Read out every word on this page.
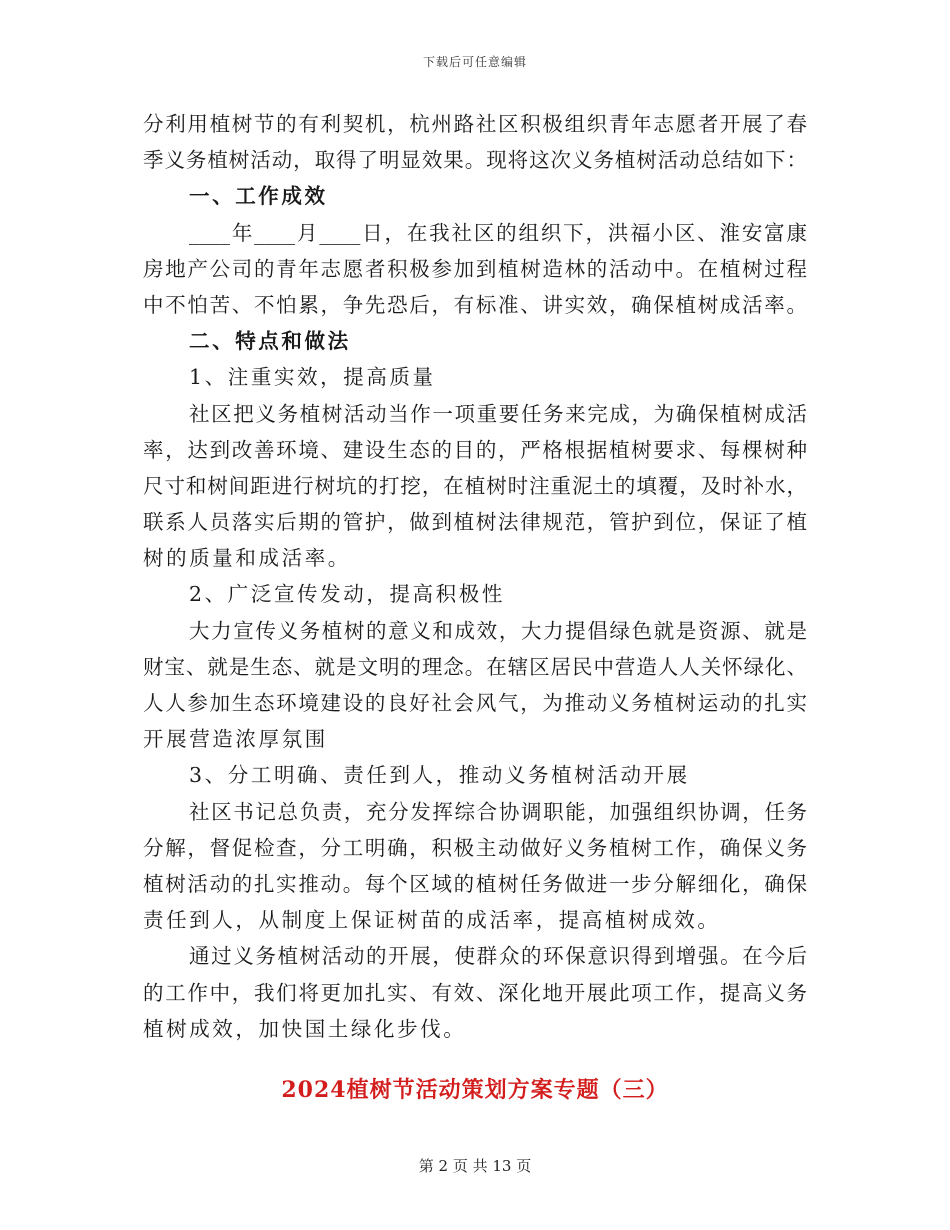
下载后可任意编辑
分利用植树节的有利契机，杭州路社区积极组织青年志愿者开展了春
季义务植树活动，取得了明显效果。现将这次义务植树活动总结如下：
一、工作成效
____年____月____日，在我社区的组织下，洪福小区、淮安富康
房地产公司的青年志愿者积极参加到植树造林的活动中。在植树过程
中不怕苦、不怕累，争先恐后，有标准、讲实效，确保植树成活率。
二、特点和做法
1、注重实效，提高质量
社区把义务植树活动当作一项重要任务来完成，为确保植树成活
率，达到改善环境、建设生态的目的，严格根据植树要求、每棵树种
尺寸和树间距进行树坑的打挖，在植树时注重泥土的填覆，及时补水，
联系人员落实后期的管护，做到植树法律规范，管护到位，保证了植
树的质量和成活率。
2、广泛宣传发动，提高积极性
大力宣传义务植树的意义和成效，大力提倡绿色就是资源、就是
财宝、就是生态、就是文明的理念。在辖区居民中营造人人关怀绿化、
人人参加生态环境建设的良好社会风气，为推动义务植树运动的扎实
开展营造浓厚氛围
3、分工明确、责任到人，推动义务植树活动开展
社区书记总负责，充分发挥综合协调职能，加强组织协调，任务
分解，督促检查，分工明确，积极主动做好义务植树工作，确保义务
植树活动的扎实推动。每个区域的植树任务做进一步分解细化，确保
责任到人，从制度上保证树苗的成活率，提高植树成效。
通过义务植树活动的开展，使群众的环保意识得到增强。在今后
的工作中，我们将更加扎实、有效、深化地开展此项工作，提高义务
植树成效，加快国土绿化步伐。
2024植树节活动策划方案专题（三）
第 2 页 共 13 页
